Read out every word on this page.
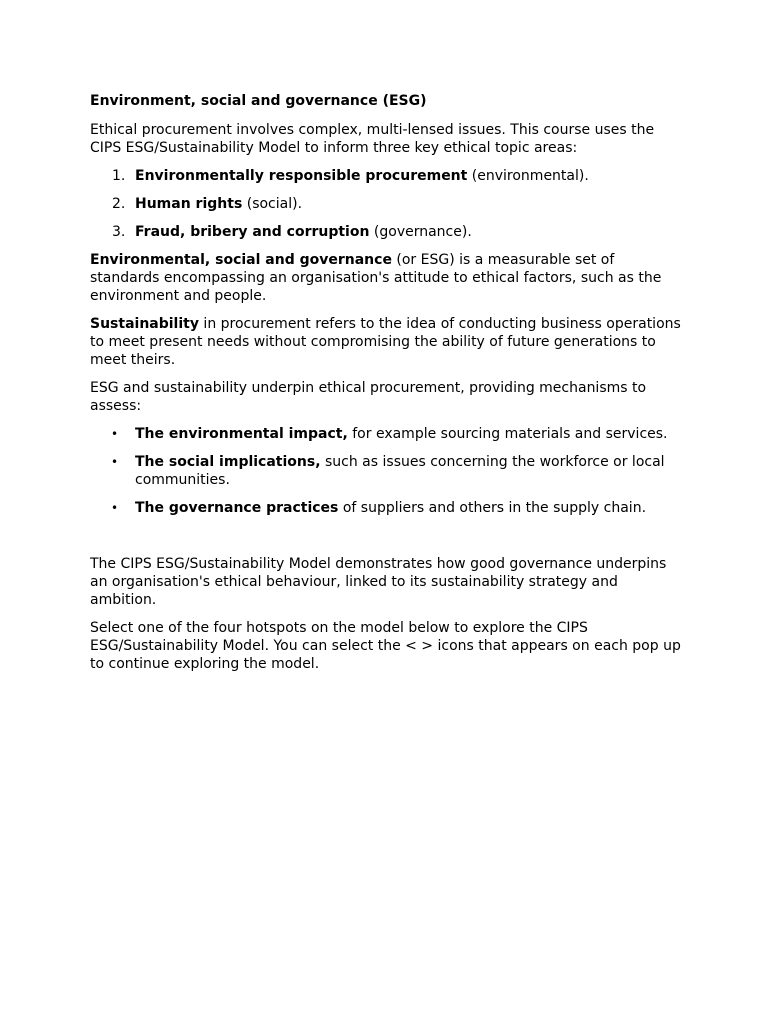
Environment, social and governance (ESG)

Ethical procurement involves complex, multi-lensed issues. This course uses the CIPS ESG/Sustainability Model to inform three key ethical topic areas:

1. Environmentally responsible procurement (environmental).
2. Human rights (social).
3. Fraud, bribery and corruption (governance).

Environmental, social and governance (or ESG) is a measurable set of standards encompassing an organisation's attitude to ethical factors, such as the environment and people.

Sustainability in procurement refers to the idea of conducting business operations to meet present needs without compromising the ability of future generations to meet theirs.

ESG and sustainability underpin ethical procurement, providing mechanisms to assess:

• The environmental impact, for example sourcing materials and services.
• The social implications, such as issues concerning the workforce or local communities.
• The governance practices of suppliers and others in the supply chain.

The CIPS ESG/Sustainability Model demonstrates how good governance underpins an organisation's ethical behaviour, linked to its sustainability strategy and ambition.

Select one of the four hotspots on the model below to explore the CIPS ESG/Sustainability Model. You can select the < > icons that appears on each pop up to continue exploring the model.
